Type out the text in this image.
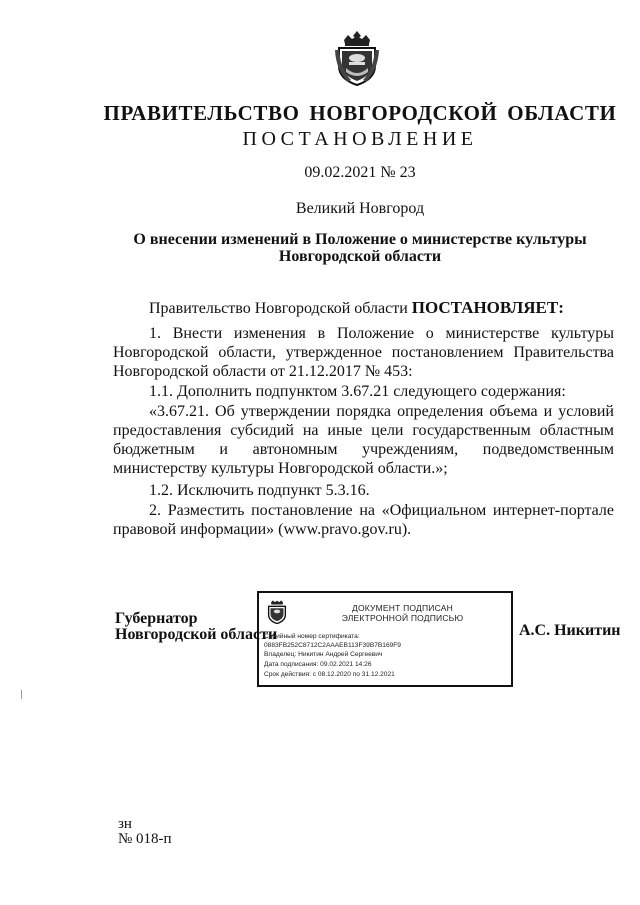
ПРАВИТЕЛЬСТВО НОВГОРОДСКОЙ ОБЛАСТИ
ПОСТАНОВЛЕНИЕ
09.02.2021 № 23
Великий Новгород
О внесении изменений в Положение о министерстве культуры
Новгородской области
Правительство Новгородской области ПОСТАНОВЛЯЕТ:
1. Внести изменения в Положение о министерстве культуры Новгородской области, утвержденное постановлением Правительства Новгородской области от 21.12.2017 № 453:
1.1. Дополнить подпунктом 3.67.21 следующего содержания:
«3.67.21. Об утверждении порядка определения объема и условий предоставления субсидий на иные цели государственным областным бюджетным и автономным учреждениям, подведомственным министерству культуры Новгородской области.»;
1.2. Исключить подпункт 5.3.16.
2. Разместить постановление на «Официальном интернет-портале правовой информации» (www.pravo.gov.ru).
Губернатор
Новгородской области
ДОКУМЕНТ ПОДПИСАН
ЭЛЕКТРОННОЙ ПОДПИСЬЮ
Серийный номер сертификата:
0883FB252C8712C2AAAEB113F39B7B169F9
Владелец: Никитин Андрей Сергеевич
Дата подписания: 09.02.2021 14:26
Срок действия: с 08.12.2020 по 31.12.2021
А.С. Никитин
зн
№ 018-п
